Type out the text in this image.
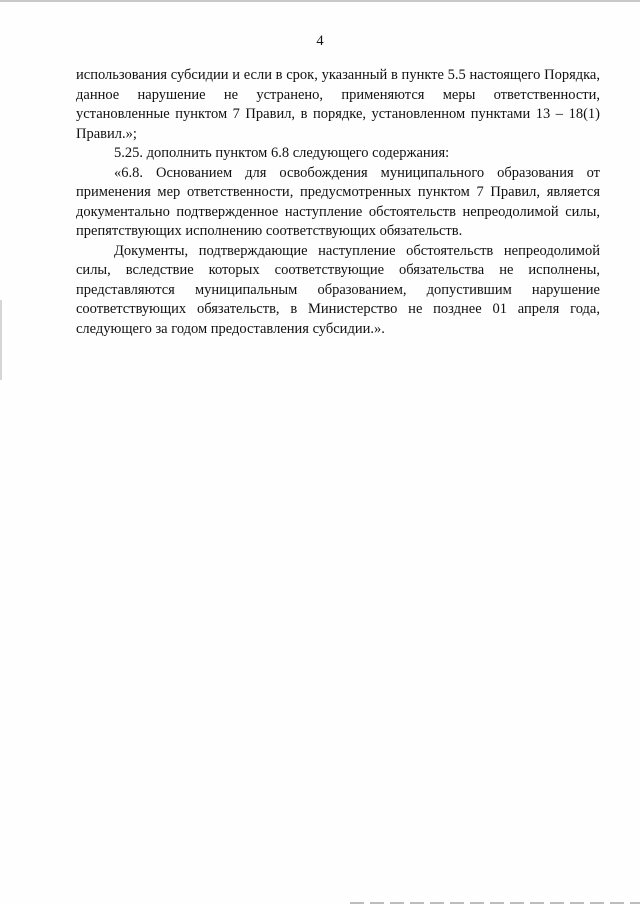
4

использования субсидии и если в срок, указанный в пункте 5.5 настоящего Порядка, данное нарушение не устранено, применяются меры ответственности, установленные пунктом 7 Правил, в порядке, установленном пунктами 13 – 18(1) Правил.»;

5.25. дополнить пунктом 6.8 следующего содержания:

«6.8. Основанием для освобождения муниципального образования от применения мер ответственности, предусмотренных пунктом 7 Правил, является документально подтвержденное наступление обстоятельств непреодолимой силы, препятствующих исполнению соответствующих обязательств.

Документы, подтверждающие наступление обстоятельств непреодолимой силы, вследствие которых соответствующие обязательства не исполнены, представляются муниципальным образованием, допустившим нарушение соответствующих обязательств, в Министерство не позднее 01 апреля года, следующего за годом предоставления субсидии.».
